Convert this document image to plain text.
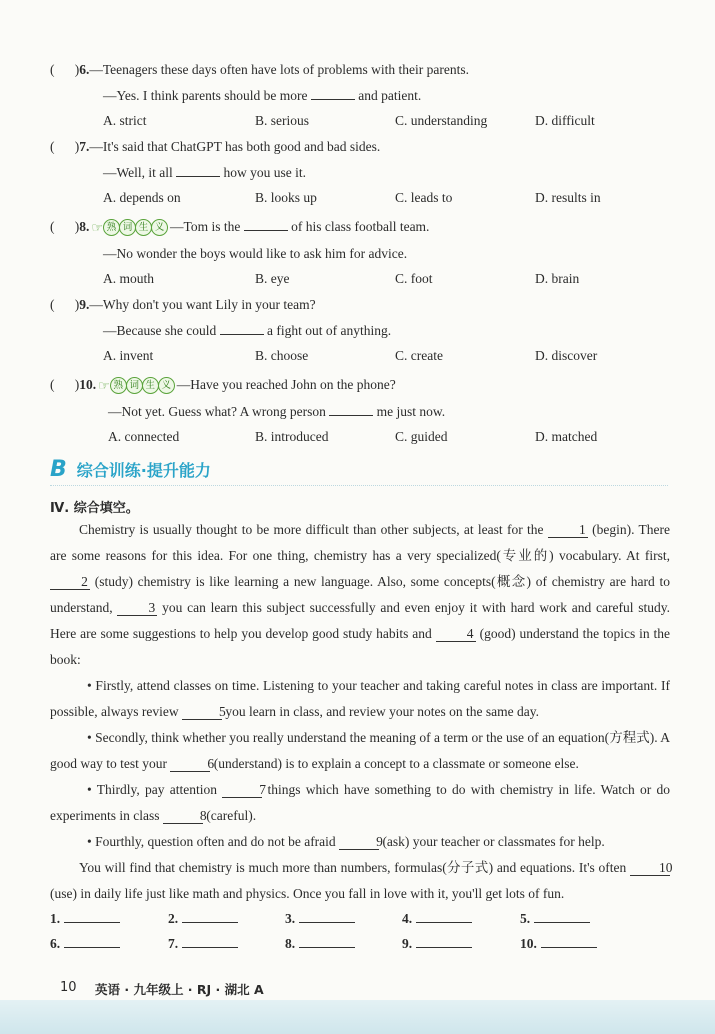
(      )6.—Teenagers these days often have lots of problems with their parents.
—Yes. I think parents should be more	and patient.
A. strict	B. serious	C. understanding	D. difficult
(      )7.—It's said that ChatGPT has both good and bad sides.
—Well, it all	how you use it.
A. depends on	B. looks up	C. leads to	D. results in
(      )8. ☞ 熟 词 生 义 —Tom is the	of his class football team.
—No wonder the boys would like to ask him for advice.
A. mouth	B. eye	C. foot	D. brain
(      )9.—Why don't you want Lily in your team?
—Because she could	a fight out of anything.
A. invent	B. choose	C. create	D. discover
(      )10. ☞ 熟 词 生 义 —Have you reached John on the phone?
—Not yet. Guess what? A wrong person	me just now.
A. connected	B. introduced	C. guided	D. matched
B 综合训练·提升能力
Ⅳ. 综合填空。
Chemistry is usually thought to be more difficult than other subjects, at least for the	1 (begin). There are some reasons for this idea. For one thing, chemistry has a very specialized(专业的) vocabulary. At first, 2 (study) chemistry is like learning a new language. Also, some concepts(概念) of chemistry are hard to understand,	3 you can learn this subject successfully and even enjoy it with hard work and careful study. Here are some suggestions to help you develop good study habits and	4 (good) understand the topics in the book:
• Firstly, attend classes on time. Listening to your teacher and taking careful notes in class are important. If possible, always review	5 you learn in class, and review your notes on the same day.
• Secondly, think whether you really understand the meaning of a term or the use of an equation(方程式). A good way to test your	6 (understand) is to explain a concept to a classmate or someone else.
• Thirdly, pay attention	7 things which have something to do with chemistry in life. Watch or do experiments in class	8 (careful).
• Fourthly, question often and do not be afraid	9 (ask) your teacher or classmates for help.
You will find that chemistry is much more than numbers, formulas(分子式) and equations. It's often 10 (use) in daily life just like math and physics. Once you fall in love with it, you'll get lots of fun.
1.	2.	3.	4.	5.
6.	7.	8.	9.	10.
10 英语 · 九年级上 · RJ · 湖北 A
